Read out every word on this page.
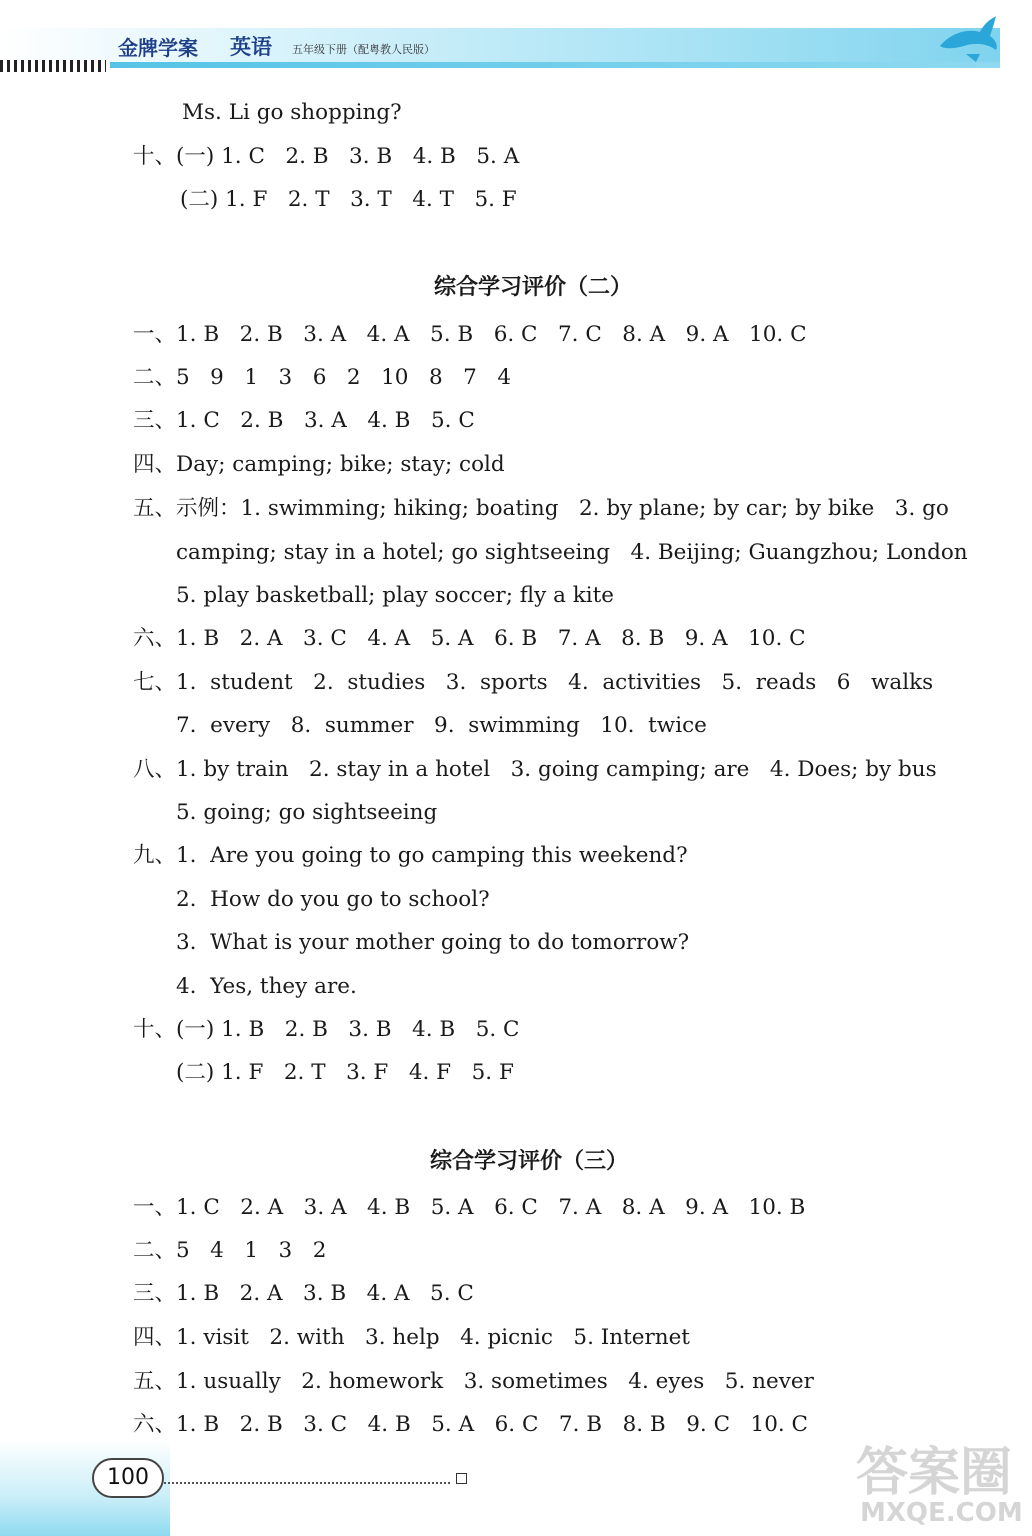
金牌学案 英语 五年级下册（配粤教人民版）
Ms. Li go shopping?
十、(一) 1. C   2. B   3. B   4. B   5. A
(二) 1. F   2. T   3. T   4. T   5. F
综合学习评价（二）
一、1. B   2. B   3. A   4. A   5. B   6. C   7. C   8. A   9. A   10. C
二、5   9   1   3   6   2   10   8   7   4
三、1. C   2. B   3. A   4. B   5. C
四、Day; camping; bike; stay; cold
五、示例：1. swimming; hiking; boating   2. by plane; by car; by bike   3. go
camping; stay in a hotel; go sightseeing   4. Beijing; Guangzhou; London
5. play basketball; play soccer; fly a kite
六、1. B   2. A   3. C   4. A   5. A   6. B   7. A   8. B   9. A   10. C
七、1.  student   2.  studies   3.  sports   4.  activities   5.  reads   6   walks
7.  every   8.  summer   9.  swimming   10.  twice
八、1. by train   2. stay in a hotel   3. going camping; are   4. Does; by bus
5. going; go sightseeing
九、1.  Are you going to go camping this weekend?
2.  How do you go to school?
3.  What is your mother going to do tomorrow?
4.  Yes, they are.
十、(一) 1. B   2. B   3. B   4. B   5. C
(二) 1. F   2. T   3. F   4. F   5. F
综合学习评价（三）
一、1. C   2. A   3. A   4. B   5. A   6. C   7. A   8. A   9. A   10. B
二、5   4   1   3   2
三、1. B   2. A   3. B   4. A   5. C
四、1. visit   2. with   3. help   4. picnic   5. Internet
五、1. usually   2. homework   3. sometimes   4. eyes   5. never
六、1. B   2. B   3. C   4. B   5. A   6. C   7. B   8. B   9. C   10. C
100	答案圈
MXQE.COM
